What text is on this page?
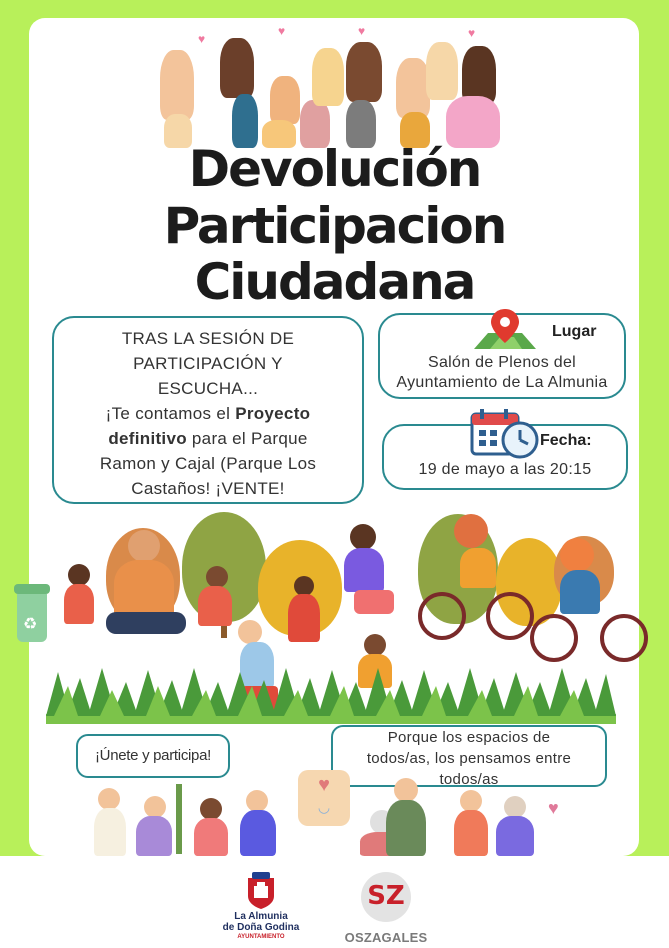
♥
♥	♥	♥
Devolución
Participacion
Ciudadana
TRAS LA SESIÓN DE
PARTICIPACIÓN Y
ESCUCHA...
¡Te contamos el Proyecto
definitivo para el Parque
Ramon y Cajal (Parque Los
Castaños! ¡VENTE!
Lugar
Salón de Plenos del
Ayuntamiento de La Almunia
Fecha:
19 de mayo a las 20:15
♻
¡Únete y participa!
Porque los espacios de
todos/as, los pensamos entre
todos/as
♥
◡	♥
La Almunia
de Doña Godina
AYUNTAMIENTO
SZ
OSZAGALES
